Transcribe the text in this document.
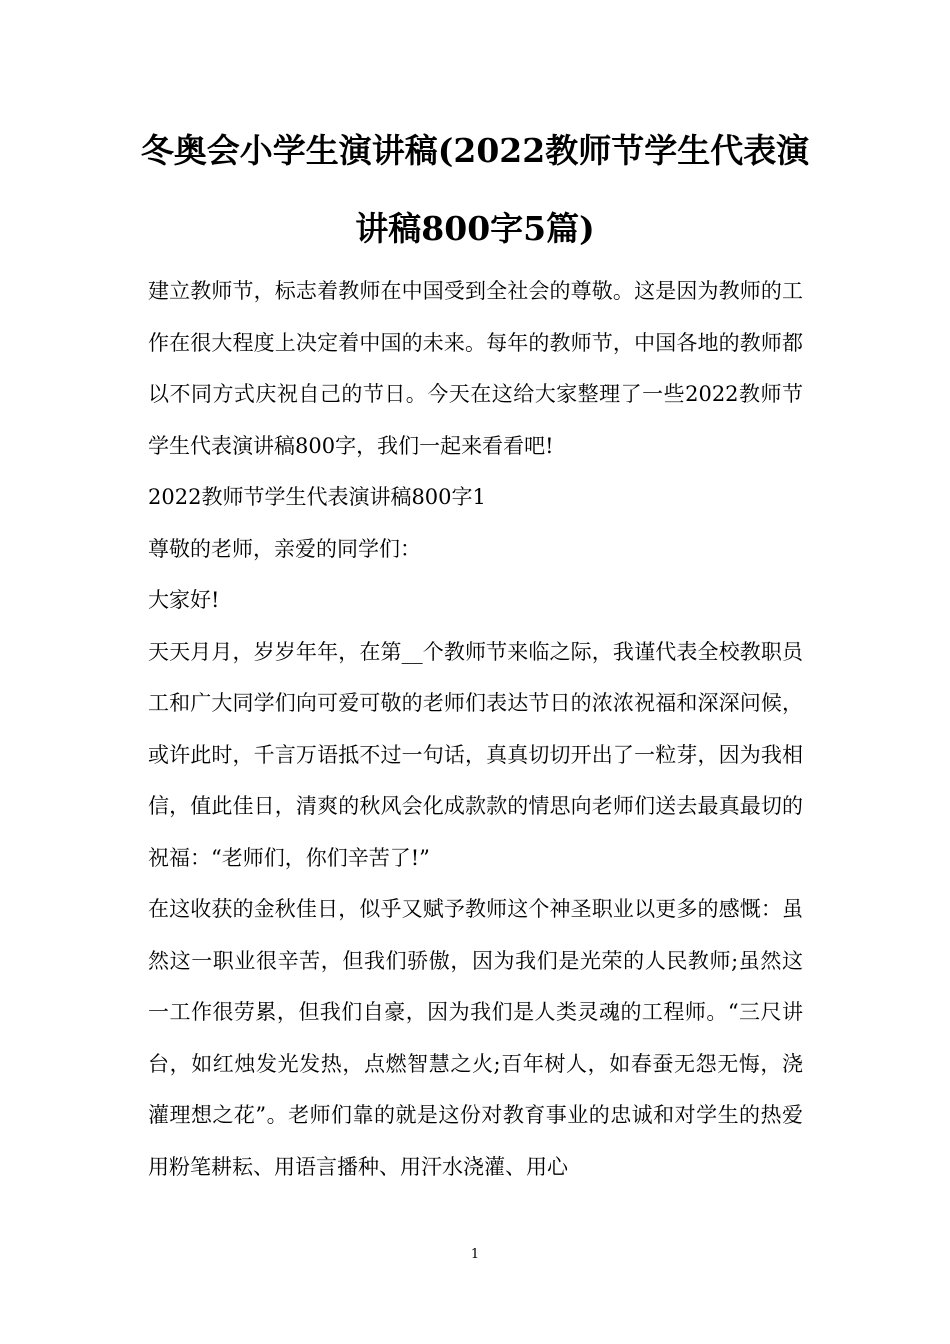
冬奥会小学生演讲稿(2022教师节学生代表演讲稿800字5篇)

建立教师节，标志着教师在中国受到全社会的尊敬。这是因为教师的工作在很大程度上决定着中国的未来。每年的教师节，中国各地的教师都以不同方式庆祝自己的节日。今天在这给大家整理了一些2022教师节学生代表演讲稿800字，我们一起来看看吧!

2022教师节学生代表演讲稿800字1

尊敬的老师，亲爱的同学们：

大家好!

天天月月，岁岁年年，在第__个教师节来临之际，我谨代表全校教职员工和广大同学们向可爱可敬的老师们表达节日的浓浓祝福和深深问候，或许此时，千言万语抵不过一句话，真真切切开出了一粒芽，因为我相信，值此佳日，清爽的秋风会化成款款的情思向老师们送去最真最切的祝福：“老师们，你们辛苦了!”

在这收获的金秋佳日，似乎又赋予教师这个神圣职业以更多的感慨：虽然这一职业很辛苦，但我们骄傲，因为我们是光荣的人民教师;虽然这一工作很劳累，但我们自豪，因为我们是人类灵魂的工程师。“三尺讲台，如红烛发光发热，点燃智慧之火;百年树人，如春蚕无怨无悔，浇灌理想之花”。老师们靠的就是这份对教育事业的忠诚和对学生的热爱用粉笔耕耘、用语言播种、用汗水浇灌、用心

1
